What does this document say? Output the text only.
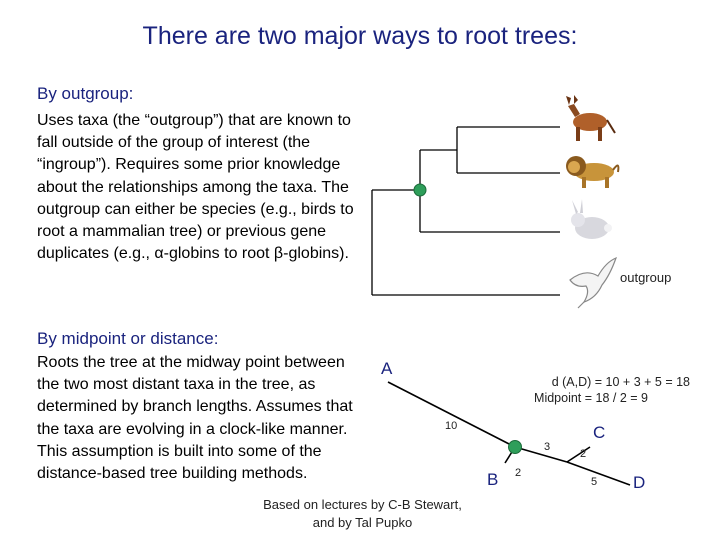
There are two major ways to root trees:
By outgroup:
Uses taxa (the “outgroup”) that are known to fall outside of the group of interest (the “ingroup”). Requires some prior knowledge about the relationships among the taxa. The outgroup can either be species (e.g., birds to root a mammalian tree) or previous gene duplicates (e.g., α-globins to root β-globins).
By midpoint or distance:
Roots the tree at the midway point between the two most distant taxa in the tree, as determined by branch lengths. Assumes that the taxa are evolving in a clock-like manner. This assumption is built into some of the distance-based tree building methods.
outgroup
A
B
C
D
10
2
3
2
5
d (A,D) = 10 + 3 + 5 = 18
Midpoint = 18 / 2 = 9
Based on lectures by C-B Stewart,
and by Tal Pupko
